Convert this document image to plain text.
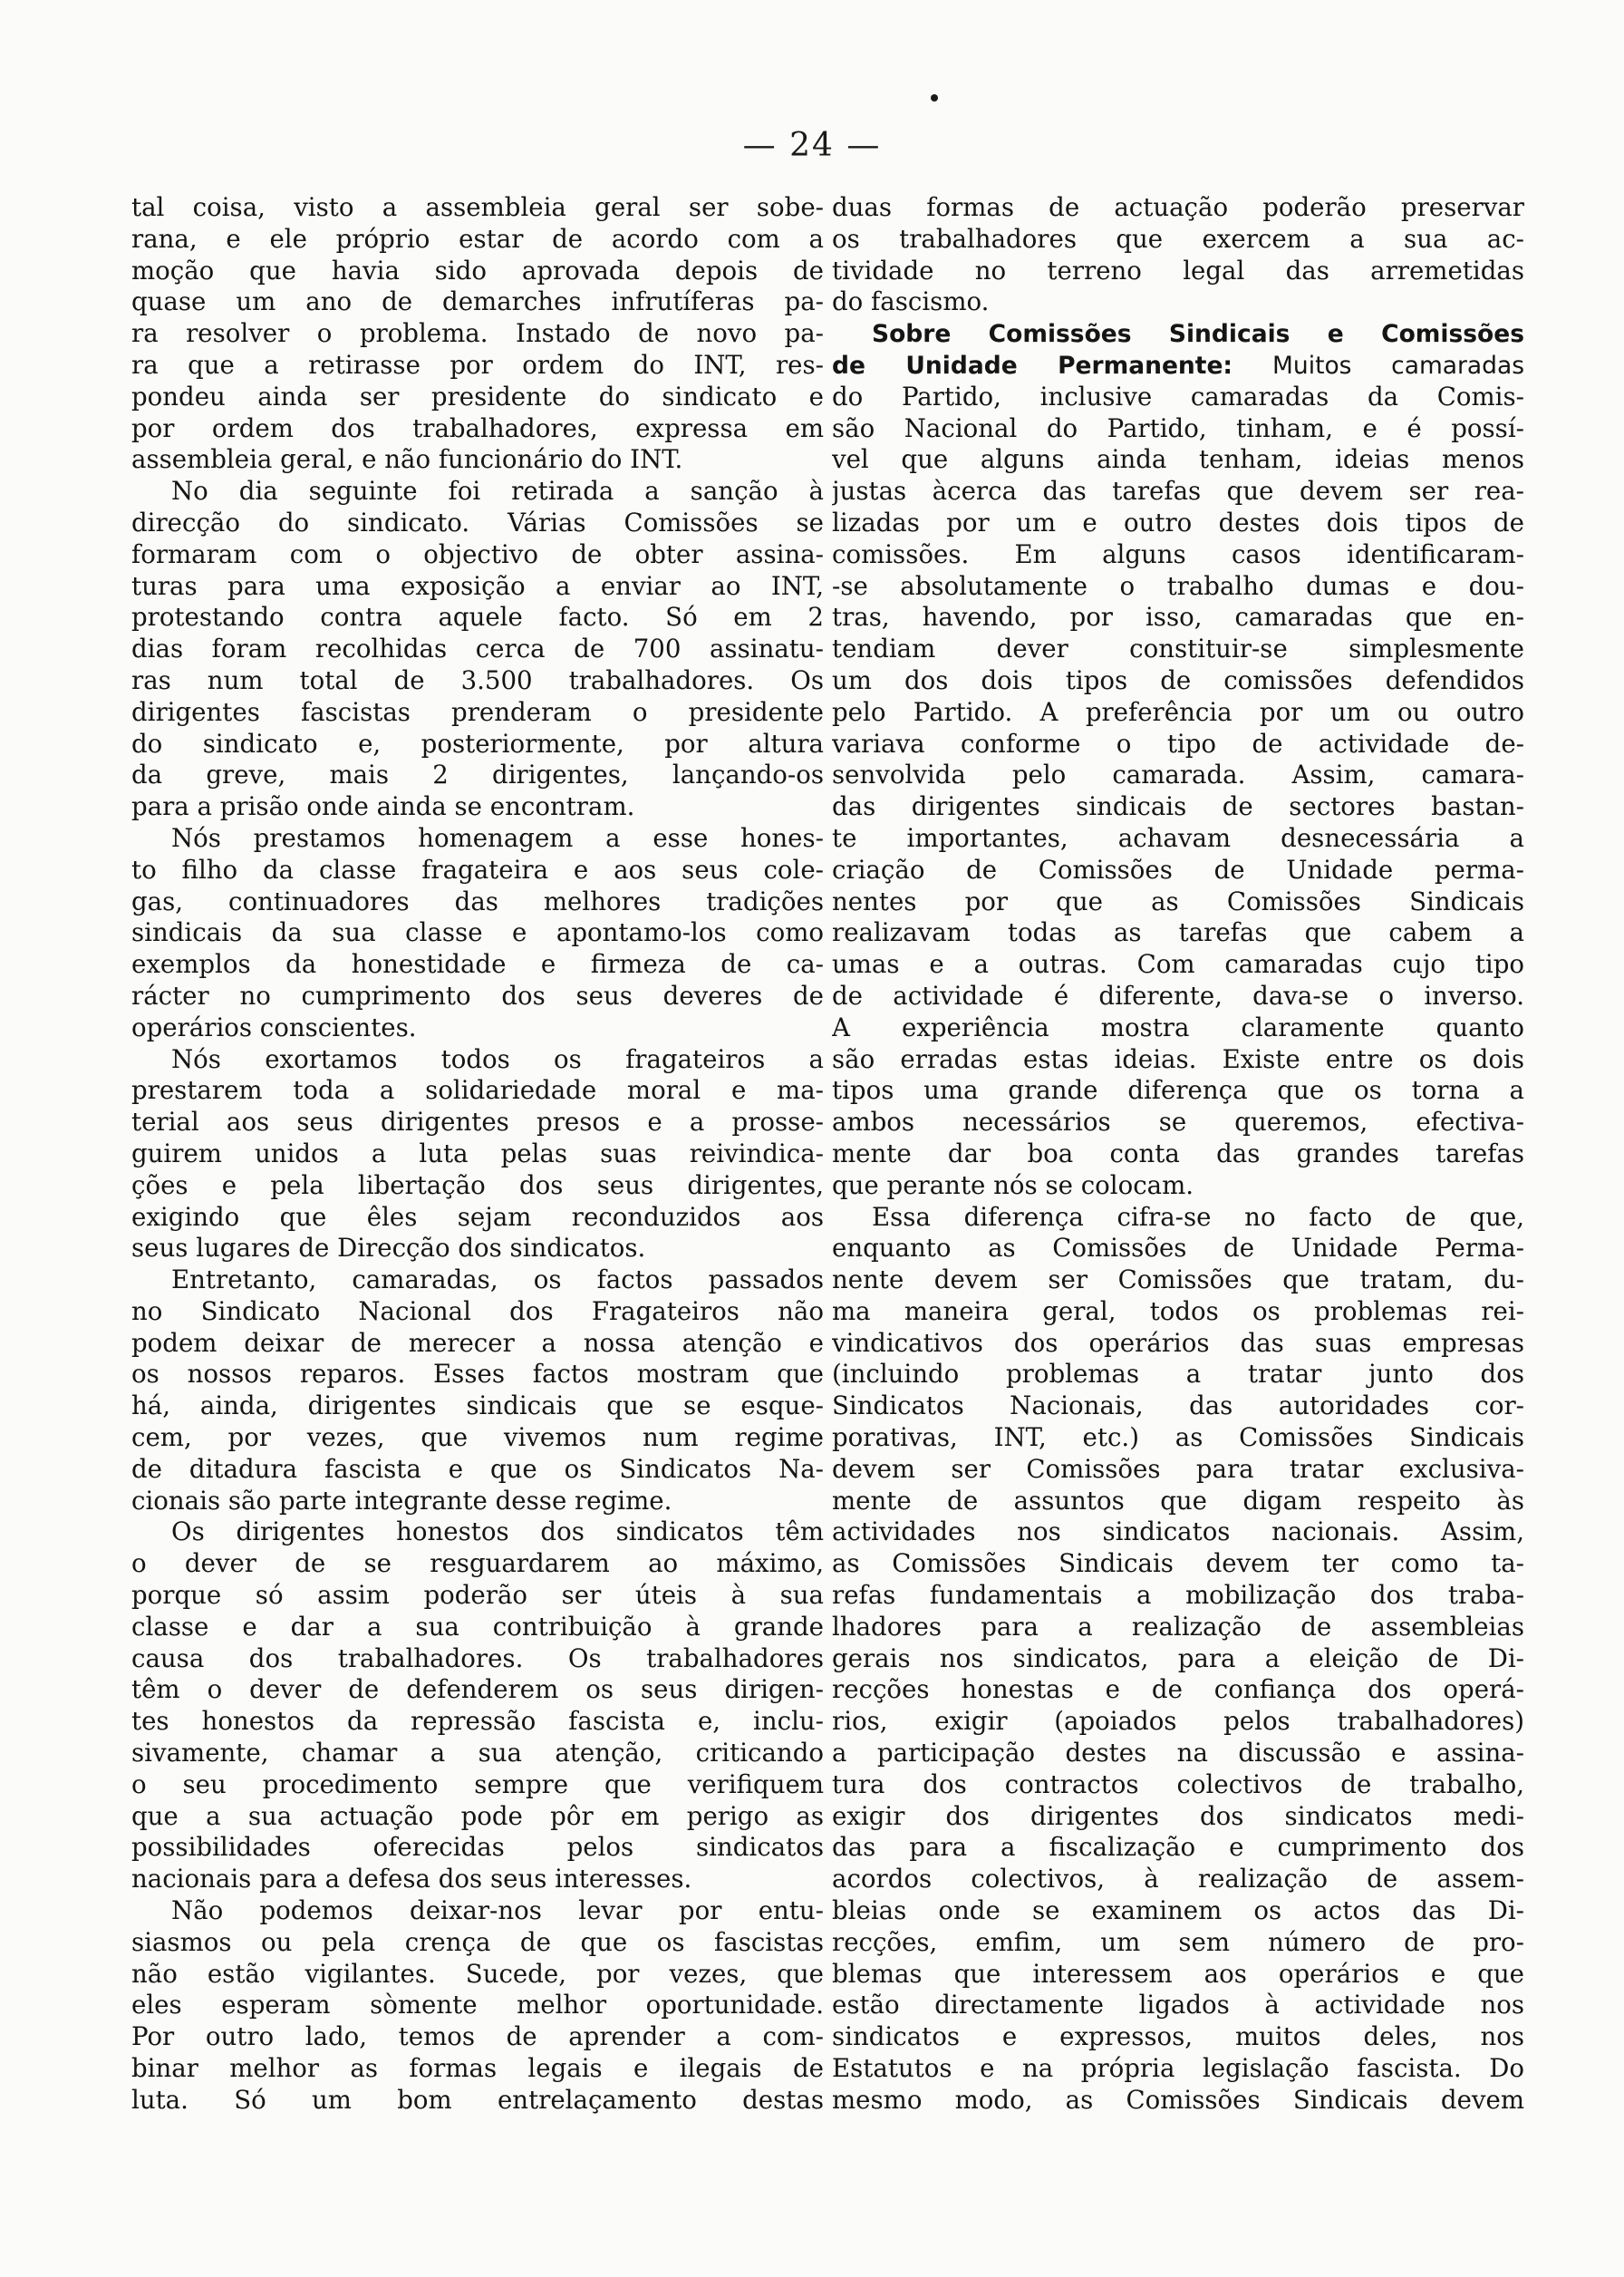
— 24 —
tal coisa, visto a assembleia geral ser sobe-
rana, e ele próprio estar de acordo com a
moção que havia sido aprovada depois de
quase um ano de demarches infrutíferas pa-
ra resolver o problema. Instado de novo pa-
ra que a retirasse por ordem do INT, res-
pondeu ainda ser presidente do sindicato e
por ordem dos trabalhadores, expressa em
assembleia geral, e não funcionário do INT.
No dia seguinte foi retirada a sanção à
direcção do sindicato. Várias Comissões se
formaram com o objectivo de obter assina-
turas para uma exposição a enviar ao INT,
protestando contra aquele facto. Só em 2
dias foram recolhidas cerca de 700 assinatu-
ras num total de 3.500 trabalhadores. Os
dirigentes fascistas prenderam o presidente
do sindicato e, posteriormente, por altura
da greve, mais 2 dirigentes, lançando-os
para a prisão onde ainda se encontram.
Nós prestamos homenagem a esse hones-
to filho da classe fragateira e aos seus cole-
gas, continuadores das melhores tradições
sindicais da sua classe e apontamo-los como
exemplos da honestidade e firmeza de ca-
rácter no cumprimento dos seus deveres de
operários conscientes.
Nós exortamos todos os fragateiros a
prestarem toda a solidariedade moral e ma-
terial aos seus dirigentes presos e a prosse-
guirem unidos a luta pelas suas reivindica-
ções e pela libertação dos seus dirigentes,
exigindo que êles sejam reconduzidos aos
seus lugares de Direcção dos sindicatos.
Entretanto, camaradas, os factos passados
no Sindicato Nacional dos Fragateiros não
podem deixar de merecer a nossa atenção e
os nossos reparos. Esses factos mostram que
há, ainda, dirigentes sindicais que se esque-
cem, por vezes, que vivemos num regime
de ditadura fascista e que os Sindicatos Na-
cionais são parte integrante desse regime.
Os dirigentes honestos dos sindicatos têm
o dever de se resguardarem ao máximo,
porque só assim poderão ser úteis à sua
classe e dar a sua contribuição à grande
causa dos trabalhadores. Os trabalhadores
têm o dever de defenderem os seus dirigen-
tes honestos da repressão fascista e, inclu-
sivamente, chamar a sua atenção, criticando
o seu procedimento sempre que verifiquem
que a sua actuação pode pôr em perigo as
possibilidades oferecidas pelos sindicatos
nacionais para a defesa dos seus interesses.
Não podemos deixar-nos levar por entu-
siasmos ou pela crença de que os fascistas
não estão vigilantes. Sucede, por vezes, que
eles esperam sòmente melhor oportunidade.
Por outro lado, temos de aprender a com-
binar melhor as formas legais e ilegais de
luta. Só um bom entrelaçamento destas
duas formas de actuação poderão preservar
os trabalhadores que exercem a sua ac-
tividade no terreno legal das arremetidas
do fascismo.
Sobre Comissões Sindicais e Comissões
de Unidade Permanente: Muitos camaradas
do Partido, inclusive camaradas da Comis-
são Nacional do Partido, tinham, e é possí-
vel que alguns ainda tenham, ideias menos
justas àcerca das tarefas que devem ser rea-
lizadas por um e outro destes dois tipos de
comissões. Em alguns casos identificaram-
-se absolutamente o trabalho dumas e dou-
tras, havendo, por isso, camaradas que en-
tendiam dever constituir-se simplesmente
um dos dois tipos de comissões defendidos
pelo Partido. A preferência por um ou outro
variava conforme o tipo de actividade de-
senvolvida pelo camarada. Assim, camara-
das dirigentes sindicais de sectores bastan-
te importantes, achavam desnecessária a
criação de Comissões de Unidade perma-
nentes por que as Comissões Sindicais
realizavam todas as tarefas que cabem a
umas e a outras. Com camaradas cujo tipo
de actividade é diferente, dava-se o inverso.
A experiência mostra claramente quanto
são erradas estas ideias. Existe entre os dois
tipos uma grande diferença que os torna a
ambos necessários se queremos, efectiva-
mente dar boa conta das grandes tarefas
que perante nós se colocam.
Essa diferença cifra-se no facto de que,
enquanto as Comissões de Unidade Perma-
nente devem ser Comissões que tratam, du-
ma maneira geral, todos os problemas rei-
vindicativos dos operários das suas empresas
(incluindo problemas a tratar junto dos
Sindicatos Nacionais, das autoridades cor-
porativas, INT, etc.) as Comissões Sindicais
devem ser Comissões para tratar exclusiva-
mente de assuntos que digam respeito às
actividades nos sindicatos nacionais. Assim,
as Comissões Sindicais devem ter como ta-
refas fundamentais a mobilização dos traba-
lhadores para a realização de assembleias
gerais nos sindicatos, para a eleição de Di-
recções honestas e de confiança dos operá-
rios, exigir (apoiados pelos trabalhadores)
a participação destes na discussão e assina-
tura dos contractos colectivos de trabalho,
exigir dos dirigentes dos sindicatos medi-
das para a fiscalização e cumprimento dos
acordos colectivos, à realização de assem-
bleias onde se examinem os actos das Di-
recções, emfim, um sem número de pro-
blemas que interessem aos operários e que
estão directamente ligados à actividade nos
sindicatos e expressos, muitos deles, nos
Estatutos e na própria legislação fascista. Do
mesmo modo, as Comissões Sindicais devem
